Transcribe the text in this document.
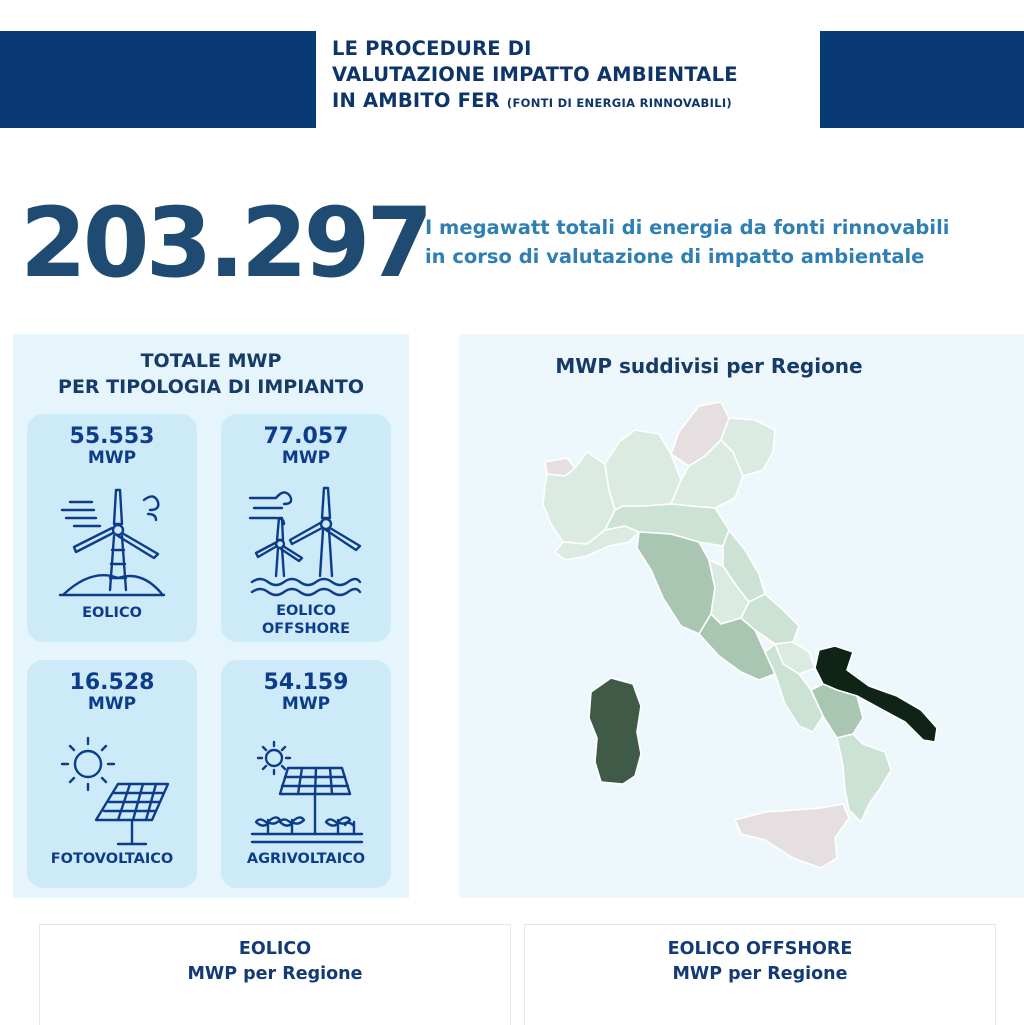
LE PROCEDURE DI
VALUTAZIONE IMPATTO AMBIENTALE
IN AMBITO FER (FONTI DI ENERGIA RINNOVABILI)
203.297
I megawatt totali di energia da fonti rinnovabili
in corso di valutazione di impatto ambientale
TOTALE MWP
PER TIPOLOGIA DI IMPIANTO
55.553
MWP
EOLICO
77.057
MWP
EOLICO
OFFSHORE
16.528
MWP
FOTOVOLTAICO
54.159
MWP
AGRIVOLTAICO
MWP suddivisi per Regione
EOLICO
MWP per Regione
EOLICO OFFSHORE
MWP per Regione
